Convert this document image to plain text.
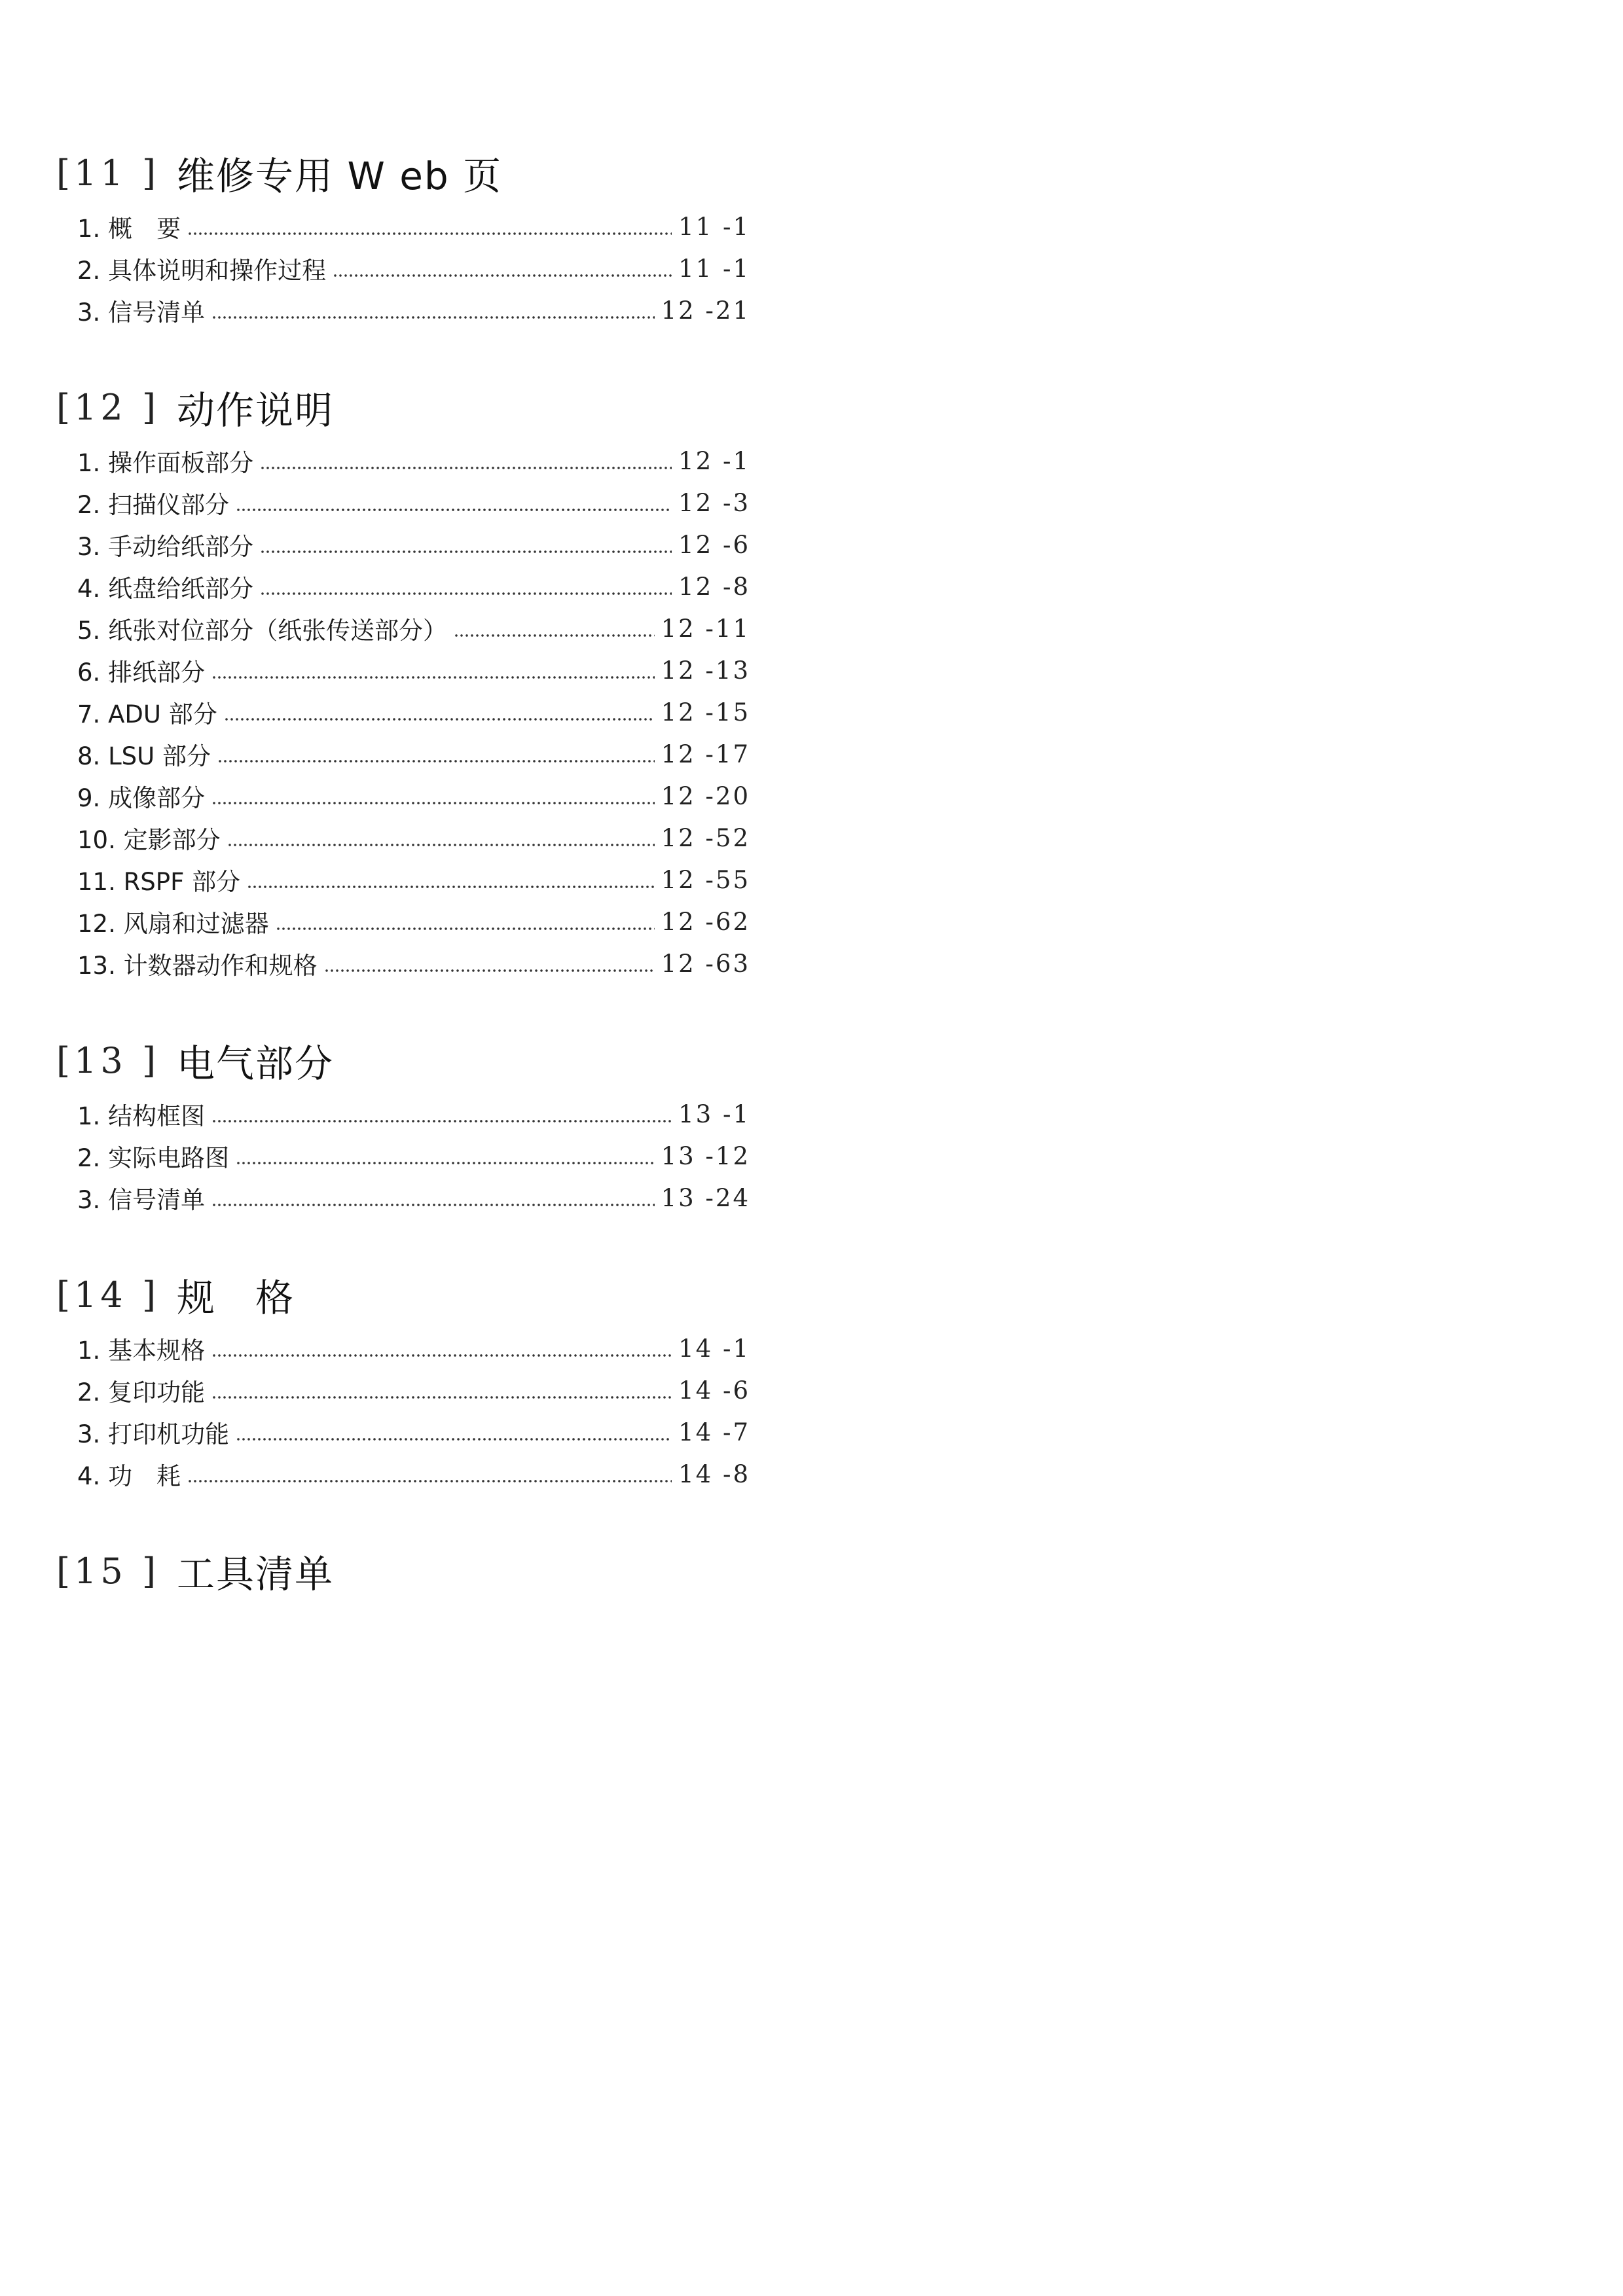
[11 ] 维修专用 W eb 页
1. 概　要	11 -1
2. 具体说明和操作过程	11 -1
3. 信号清单	12 -21
[12 ] 动作说明
1. 操作面板部分	12 -1
2. 扫描仪部分	12 -3
3. 手动给纸部分	12 -6
4. 纸盘给纸部分	12 -8
5. 纸张对位部分（纸张传送部分）	12 -11
6. 排纸部分	12 -13
7. ADU 部分	12 -15
8. LSU 部分	12 -17
9. 成像部分	12 -20
10. 定影部分	12 -52
11. RSPF 部分	12 -55
12. 风扇和过滤器	12 -62
13. 计数器动作和规格	12 -63
[13 ] 电气部分
1. 结构框图	13 -1
2. 实际电路图	13 -12
3. 信号清单	13 -24
[14 ] 规　格
1. 基本规格	14 -1
2. 复印功能	14 -6
3. 打印机功能	14 -7
4. 功　耗	14 -8
[15 ] 工具清单
